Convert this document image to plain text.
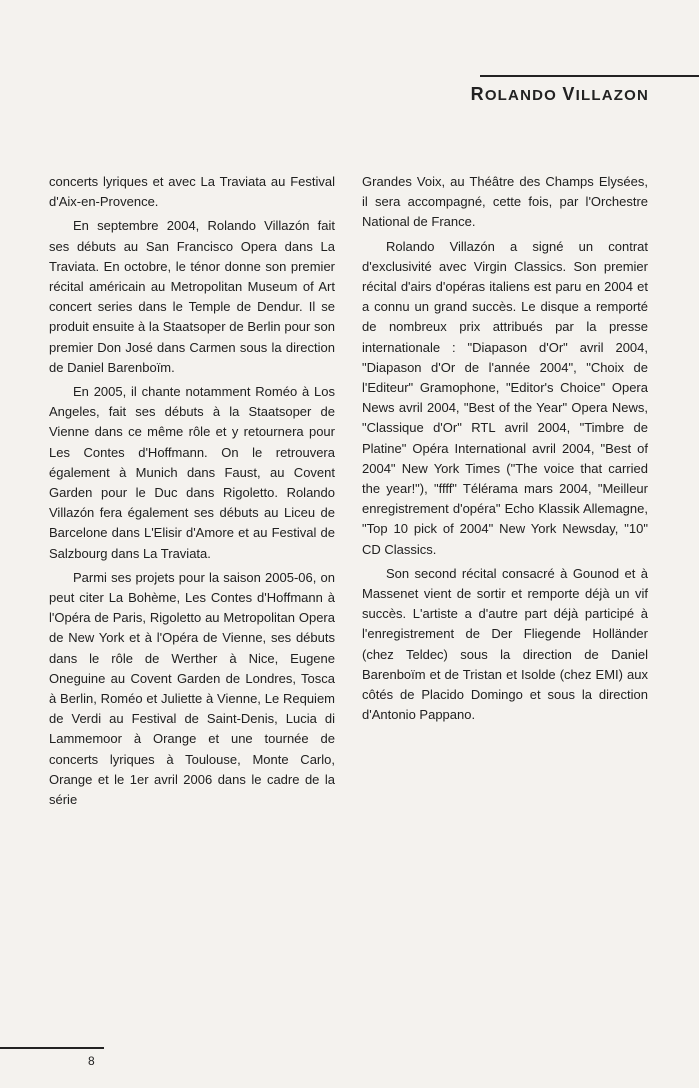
ROLANDO VILLAZON

concerts lyriques et avec La Traviata au Festival d'Aix-en-Provence.

En septembre 2004, Rolando Villazón fait ses débuts au San Francisco Opera dans La Traviata. En octobre, le ténor donne son premier récital américain au Metropolitan Museum of Art concert series dans le Temple de Dendur. Il se produit ensuite à la Staatsoper de Berlin pour son premier Don José dans Carmen sous la direction de Daniel Barenboïm.

En 2005, il chante notamment Roméo à Los Angeles, fait ses débuts à la Staatsoper de Vienne dans ce même rôle et y retournera pour Les Contes d'Hoffmann. On le retrouvera également à Munich dans Faust, au Covent Garden pour le Duc dans Rigoletto. Rolando Villazón fera également ses débuts au Liceu de Barcelone dans L'Elisir d'Amore et au Festival de Salzbourg dans La Traviata.

Parmi ses projets pour la saison 2005-06, on peut citer La Bohème, Les Contes d'Hoffmann à l'Opéra de Paris, Rigoletto au Metropolitan Opera de New York et à l'Opéra de Vienne, ses débuts dans le rôle de Werther à Nice, Eugene Oneguine au Covent Garden de Londres, Tosca à Berlin, Roméo et Juliette à Vienne, Le Requiem de Verdi au Festival de Saint-Denis, Lucia di Lammemoor à Orange et une tournée de concerts lyriques à Toulouse, Monte Carlo, Orange et le 1er avril 2006 dans le cadre de la série

Grandes Voix, au Théâtre des Champs Elysées, il sera accompagné, cette fois, par l'Orchestre National de France.

Rolando Villazón a signé un contrat d'exclusivité avec Virgin Classics. Son premier récital d'airs d'opéras italiens est paru en 2004 et a connu un grand succès. Le disque a remporté de nombreux prix attribués par la presse internationale : "Diapason d'Or" avril 2004, "Diapason d'Or de l'année 2004", "Choix de l'Editeur" Gramophone, "Editor's Choice" Opera News avril 2004, "Best of the Year" Opera News, "Classique d'Or" RTL avril 2004, "Timbre de Platine" Opéra International avril 2004, "Best of 2004" New York Times ("The voice that carried the year!"), "ffff" Télérama mars 2004, "Meilleur enregistrement d'opéra" Echo Klassik Allemagne, "Top 10 pick of 2004" New York Newsday, "10" CD Classics.

Son second récital consacré à Gounod et à Massenet vient de sortir et remporte déjà un vif succès. L'artiste a d'autre part déjà participé à l'enregistrement de Der Fliegende Holländer (chez Teldec) sous la direction de Daniel Barenboïm et de Tristan et Isolde (chez EMI) aux côtés de Placido Domingo et sous la direction d'Antonio Pappano.

8
